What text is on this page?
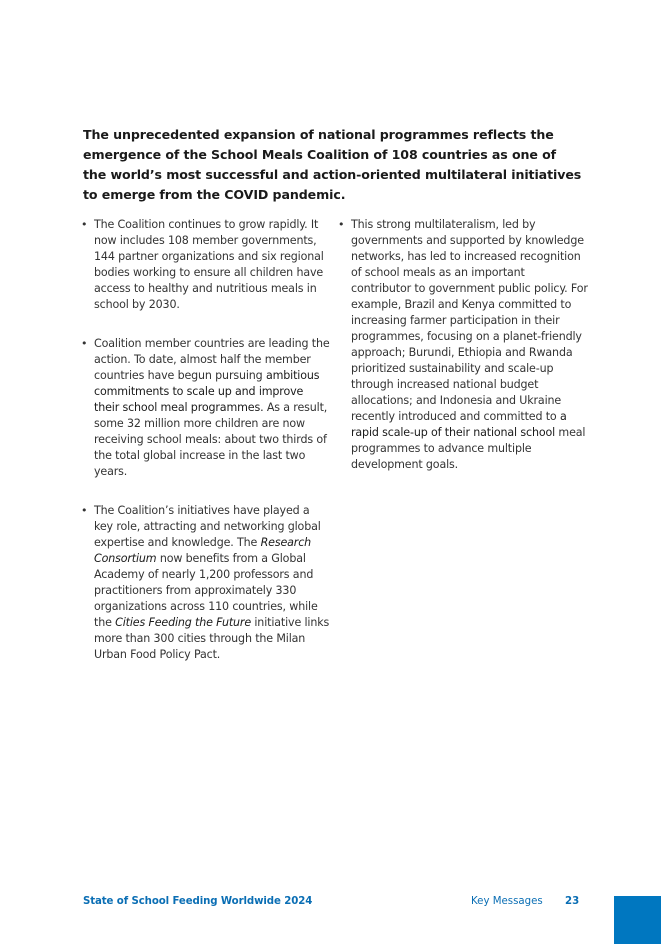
The unprecedented expansion of national programmes reflects the emergence of the School Meals Coalition of 108 countries as one of the world’s most successful and action-oriented multilateral initiatives to emerge from the COVID pandemic.

• The Coalition continues to grow rapidly. It now includes 108 member governments, 144 partner organizations and six regional bodies working to ensure all children have access to healthy and nutritious meals in school by 2030.
• Coalition member countries are leading the action. To date, almost half the member countries have begun pursuing ambitious commitments to scale up and improve their school meal programmes. As a result, some 32 million more children are now receiving school meals: about two thirds of the total global increase in the last two years.
• The Coalition’s initiatives have played a key role, attracting and networking global expertise and knowledge. The Research Consortium now benefits from a Global Academy of nearly 1,200 professors and practitioners from approximately 330 organizations across 110 countries, while the Cities Feeding the Future initiative links more than 300 cities through the Milan Urban Food Policy Pact.
• This strong multilateralism, led by governments and supported by knowledge networks, has led to increased recognition of school meals as an important contributor to government public policy. For example, Brazil and Kenya committed to increasing farmer participation in their programmes, focusing on a planet-friendly approach; Burundi, Ethiopia and Rwanda prioritized sustainability and scale-up through increased national budget allocations; and Indonesia and Ukraine recently introduced and committed to a rapid scale-up of their national school meal programmes to advance multiple development goals.
State of School Feeding Worldwide 2024	Key Messages 23
